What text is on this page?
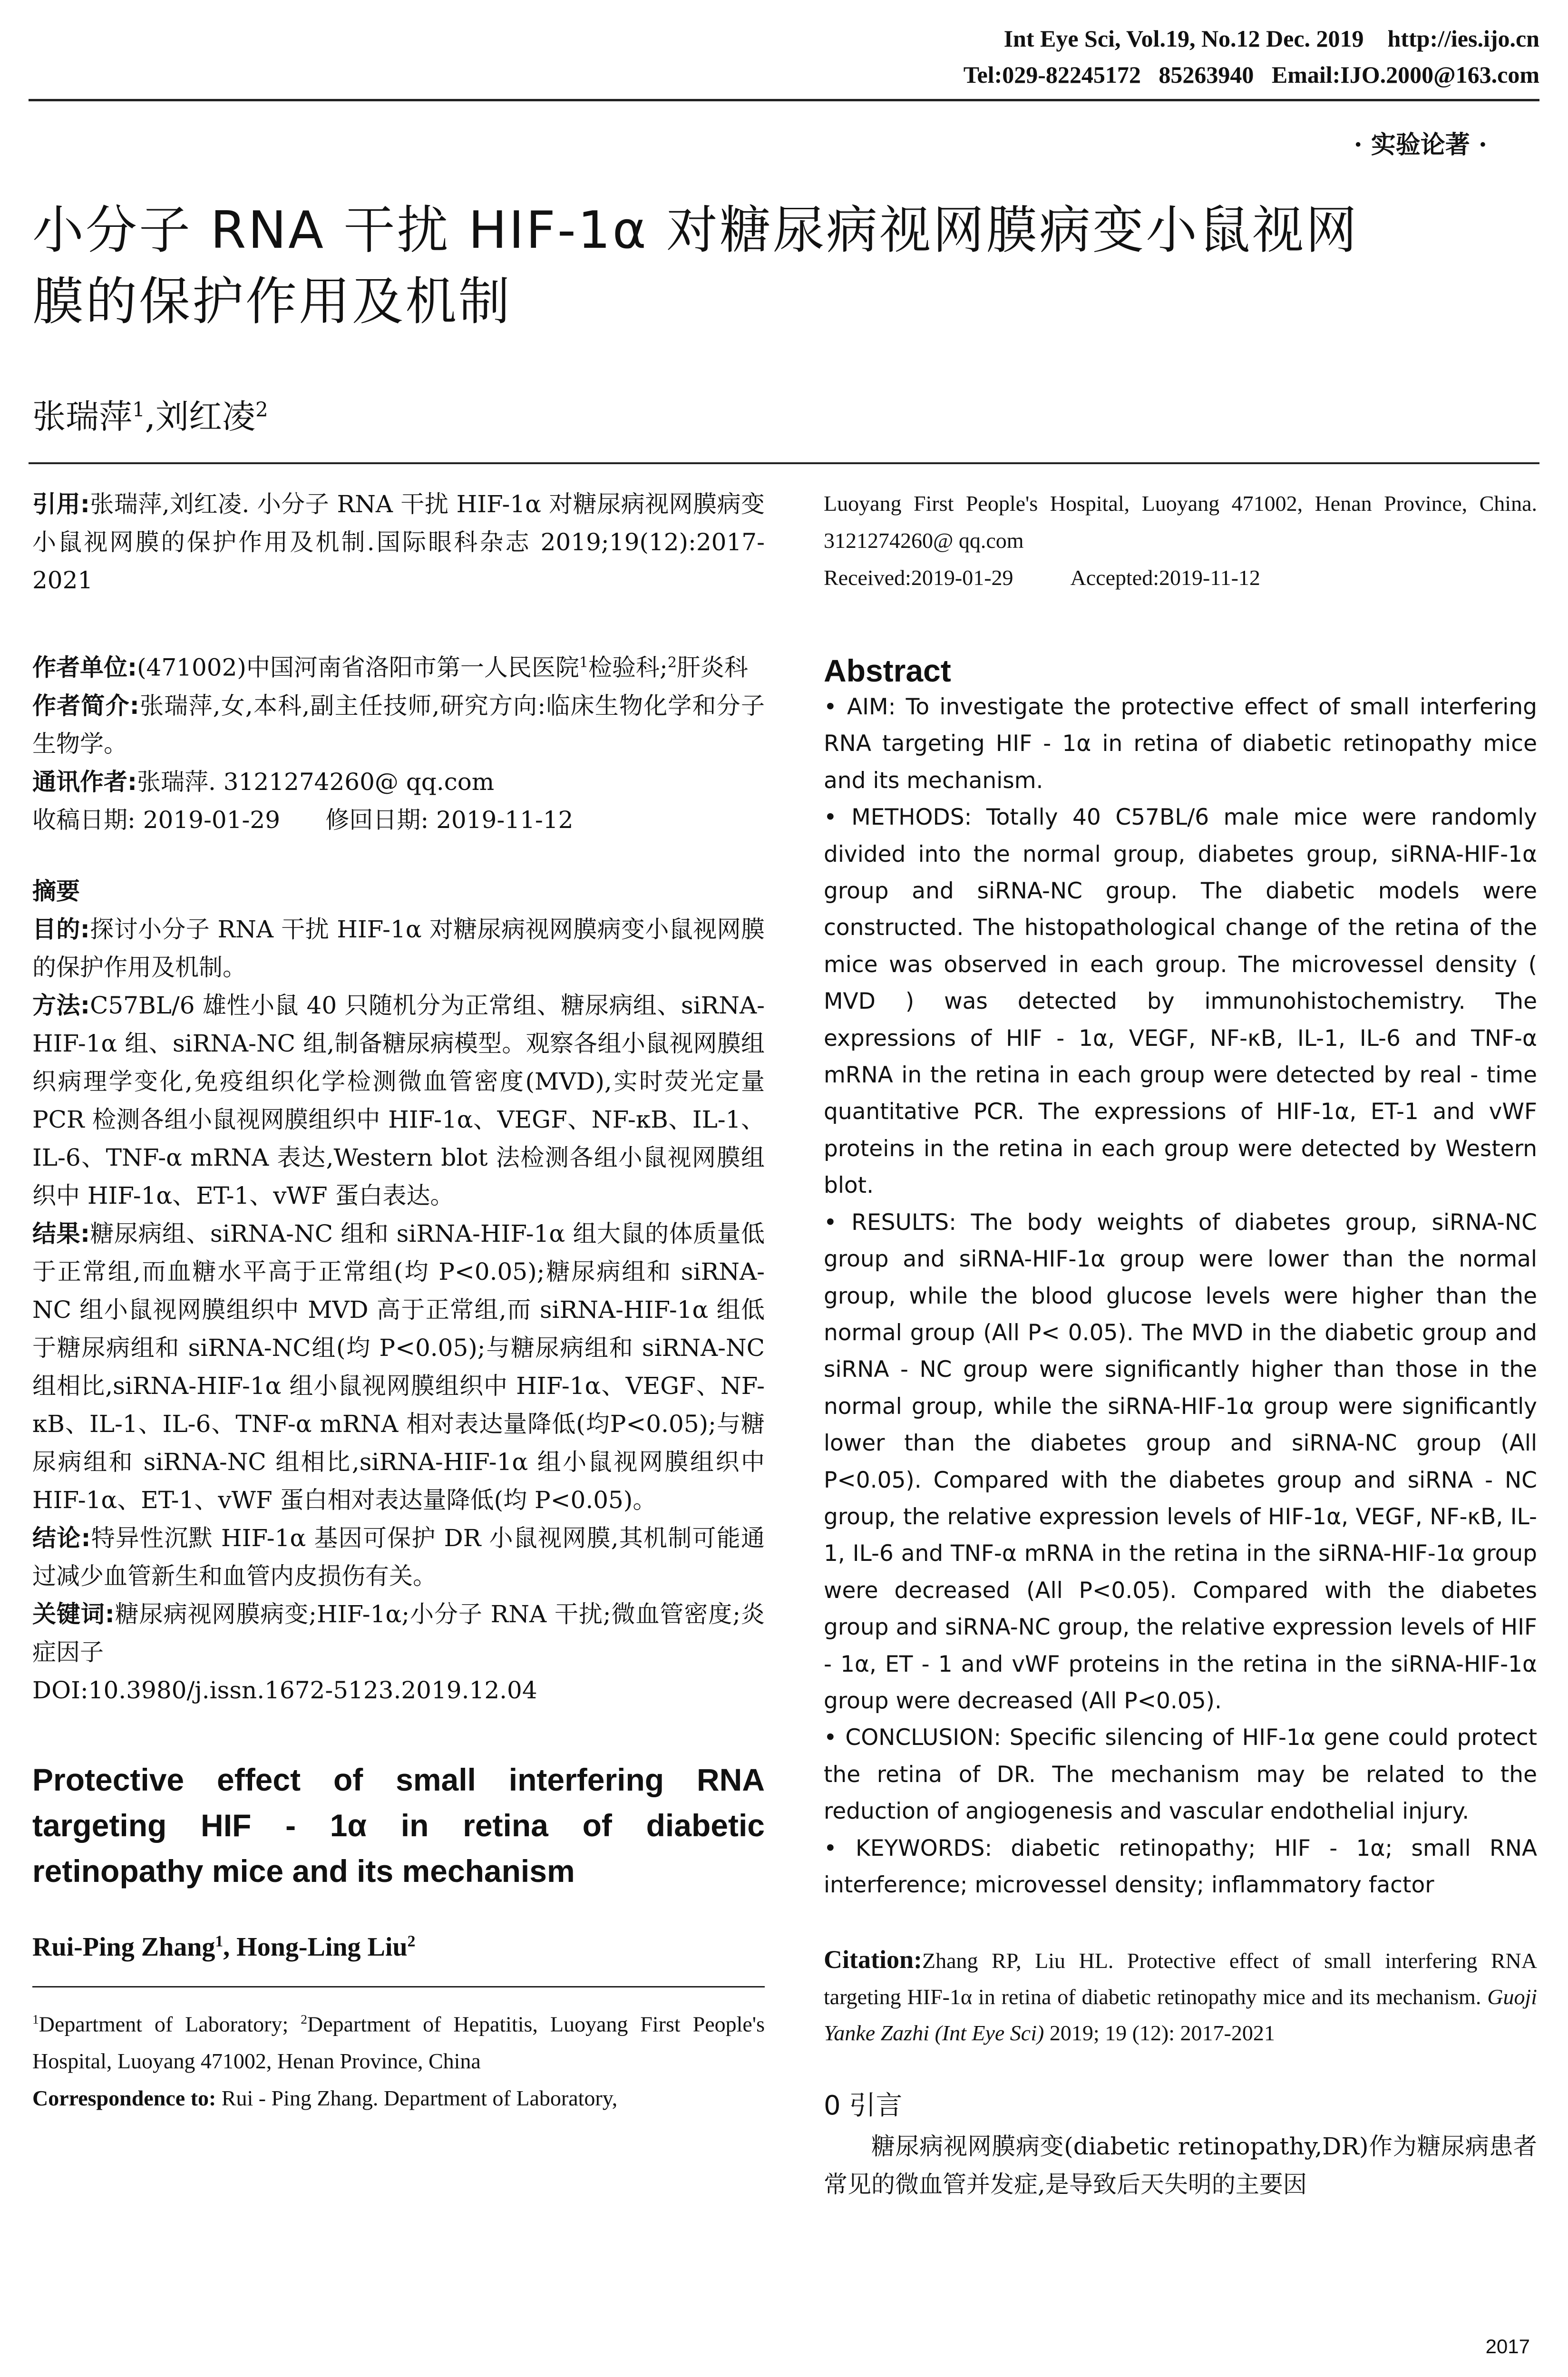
Int Eye Sci, Vol.19, No.12 Dec. 2019    http://ies.ijo.cn
Tel:029-82245172   85263940   Email:IJO.2000@163.com
· 实验论著 ·
小分子 RNA 干扰 HIF-1α 对糖尿病视网膜病变小鼠视网
膜的保护作用及机制
张瑞萍$^1$,刘红凌$^2$

引用:张瑞萍,刘红凌. 小分子 RNA 干扰 HIF-1α 对糖尿病视网膜病变小鼠视网膜的保护作用及机制.国际眼科杂志 2019;19(12):2017-2021

作者单位:(471002)中国河南省洛阳市第一人民医院$^1$检验科;$^2$肝炎科

作者简介:张瑞萍,女,本科,副主任技师,研究方向:临床生物化学和分子生物学。

通讯作者:张瑞萍. 3121274260@ qq.com

收稿日期: 2019-01-29      修回日期: 2019-11-12

摘要

目的:探讨小分子 RNA 干扰 HIF-1α 对糖尿病视网膜病变小鼠视网膜的保护作用及机制。

方法:C57BL/6 雄性小鼠 40 只随机分为正常组、糖尿病组、siRNA-HIF-1α 组、siRNA-NC 组,制备糖尿病模型。观察各组小鼠视网膜组织病理学变化,免疫组织化学检测微血管密度(MVD),实时荧光定量 PCR 检测各组小鼠视网膜组织中 HIF-1α、VEGF、NF-κB、IL-1、IL-6、TNF-α mRNA 表达,Western blot 法检测各组小鼠视网膜组织中 HIF-1α、ET-1、vWF 蛋白表达。

结果:糖尿病组、siRNA-NC 组和 siRNA-HIF-1α 组大鼠的体质量低于正常组,而血糖水平高于正常组(均 P<0.05);糖尿病组和 siRNA-NC 组小鼠视网膜组织中 MVD 高于正常组,而 siRNA-HIF-1α 组低于糖尿病组和 siRNA-NC组(均 P<0.05);与糖尿病组和 siRNA-NC 组相比,siRNA-HIF-1α 组小鼠视网膜组织中 HIF-1α、VEGF、NF-κB、IL-1、IL-6、TNF-α mRNA 相对表达量降低(均P<0.05);与糖尿病组和 siRNA-NC 组相比,siRNA-HIF-1α 组小鼠视网膜组织中 HIF-1α、ET-1、vWF 蛋白相对表达量降低(均 P<0.05)。

结论:特异性沉默 HIF-1α 基因可保护 DR 小鼠视网膜,其机制可能通过减少血管新生和血管内皮损伤有关。

关键词:糖尿病视网膜病变;HIF-1α;小分子 RNA 干扰;微血管密度;炎症因子

DOI:10.3980/j.issn.1672-5123.2019.12.04

Protective effect of small interfering RNA targeting HIF - 1α in retina of diabetic retinopathy mice and its mechanism

Rui-Ping Zhang$^1$, Hong-Ling Liu$^2$

$^1$Department of Laboratory; $^2$Department of Hepatitis, Luoyang First People's Hospital, Luoyang 471002, Henan Province, China

Correspondence to: Rui - Ping Zhang. Department of Laboratory,

Luoyang First People's Hospital, Luoyang 471002, Henan Province, China. 3121274260@ qq.com

Received:2019-01-29	Accepted:2019-11-12

Abstract

• AIM: To investigate the protective effect of small interfering RNA targeting HIF - 1α in retina of diabetic retinopathy mice and its mechanism.

• METHODS: Totally 40 C57BL/6 male mice were randomly divided into the normal group, diabetes group, siRNA-HIF-1α group and siRNA-NC group. The diabetic models were constructed. The histopathological change of the retina of the mice was observed in each group. The microvessel density ( MVD ) was detected by immunohistochemistry. The expressions of HIF - 1α, VEGF, NF-κB, IL-1, IL-6 and TNF-α mRNA in the retina in each group were detected by real - time quantitative PCR. The expressions of HIF-1α, ET-1 and vWF proteins in the retina in each group were detected by Western blot.

• RESULTS: The body weights of diabetes group, siRNA-NC group and siRNA-HIF-1α group were lower than the normal group, while the blood glucose levels were higher than the normal group (All P< 0.05). The MVD in the diabetic group and siRNA - NC group were significantly higher than those in the normal group, while the siRNA-HIF-1α group were significantly lower than the diabetes group and siRNA-NC group (All P<0.05). Compared with the diabetes group and siRNA - NC group, the relative expression levels of HIF-1α, VEGF, NF-κB, IL-1, IL-6 and TNF-α mRNA in the retina in the siRNA-HIF-1α group were decreased (All P<0.05). Compared with the diabetes group and siRNA-NC group, the relative expression levels of HIF - 1α, ET - 1 and vWF proteins in the retina in the siRNA-HIF-1α group were decreased (All P<0.05).

• CONCLUSION: Specific silencing of HIF-1α gene could protect the retina of DR. The mechanism may be related to the reduction of angiogenesis and vascular endothelial injury.

• KEYWORDS: diabetic retinopathy; HIF - 1α; small RNA interference; microvessel density; inflammatory factor

Citation:Zhang RP, Liu HL. Protective effect of small interfering RNA targeting HIF-1α in retina of diabetic retinopathy mice and its mechanism. Guoji Yanke Zazhi (Int Eye Sci) 2019; 19 (12): 2017-2021

0 引言

糖尿病视网膜病变(diabetic retinopathy,DR)作为糖尿病患者常见的微血管并发症,是导致后天失明的主要因

2017
